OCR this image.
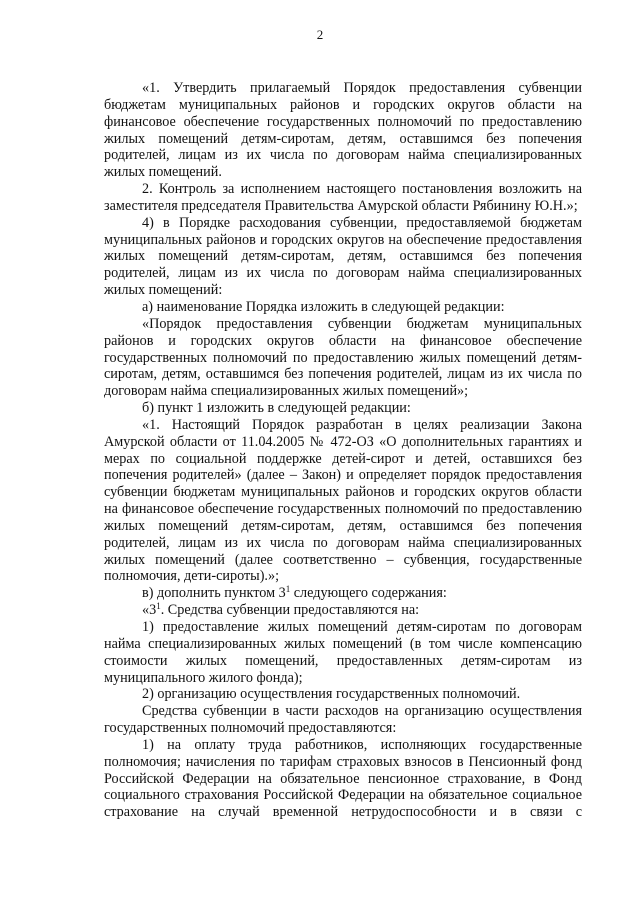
2

«1. Утвердить прилагаемый Порядок предоставления субвенции бюджетам муниципальных районов и городских округов области на финансовое обеспечение государственных полномочий по предоставлению жилых помещений детям-сиротам, детям, оставшимся без попечения родителей, лицам из их числа по договорам найма специализированных жилых помещений.

2. Контроль за исполнением настоящего постановления возложить на заместителя председателя Правительства Амурской области Рябинину Ю.Н.»;

4) в Порядке расходования субвенции, предоставляемой бюджетам муниципальных районов и городских округов на обеспечение предоставления жилых помещений детям-сиротам, детям, оставшимся без попечения родителей, лицам из их числа по договорам найма специализированных жилых помещений:

а) наименование Порядка изложить в следующей редакции:

«Порядок предоставления субвенции бюджетам муниципальных районов и городских округов области на финансовое обеспечение государственных полномочий по предоставлению жилых помещений детям-сиротам, детям, оставшимся без попечения родителей, лицам из их числа по договорам найма специализированных жилых помещений»;

б) пункт 1 изложить в следующей редакции:

«1. Настоящий Порядок разработан в целях реализации Закона Амурской области от 11.04.2005 № 472-ОЗ «О дополнительных гарантиях и мерах по социальной поддержке детей-сирот и детей, оставшихся без попечения родителей» (далее – Закон) и определяет порядок предоставления субвенции бюджетам муниципальных районов и городских округов области на финансовое обеспечение государственных полномочий по предоставлению жилых помещений детям-сиротам, детям, оставшимся без попечения родителей, лицам из их числа по договорам найма специализированных жилых помещений (далее соответственно – субвенция, государственные полномочия, дети-сироты).»;

в) дополнить пунктом $3^1$ следующего содержания:

«$3^1$. Средства субвенции предоставляются на:

1) предоставление жилых помещений детям-сиротам по договорам найма специализированных жилых помещений (в том числе компенсацию стоимости жилых помещений, предоставленных детям-сиротам из муниципального жилого фонда);

2) организацию осуществления государственных полномочий.

Средства субвенции в части расходов на организацию осуществления государственных полномочий предоставляются:

1) на оплату труда работников, исполняющих государственные полномочия; начисления по тарифам страховых взносов в Пенсионный фонд Российской Федерации на обязательное пенсионное страхование, в Фонд социального страхования Российской Федерации на обязательное социальное страхование на случай временной нетрудоспособности и в связи с
